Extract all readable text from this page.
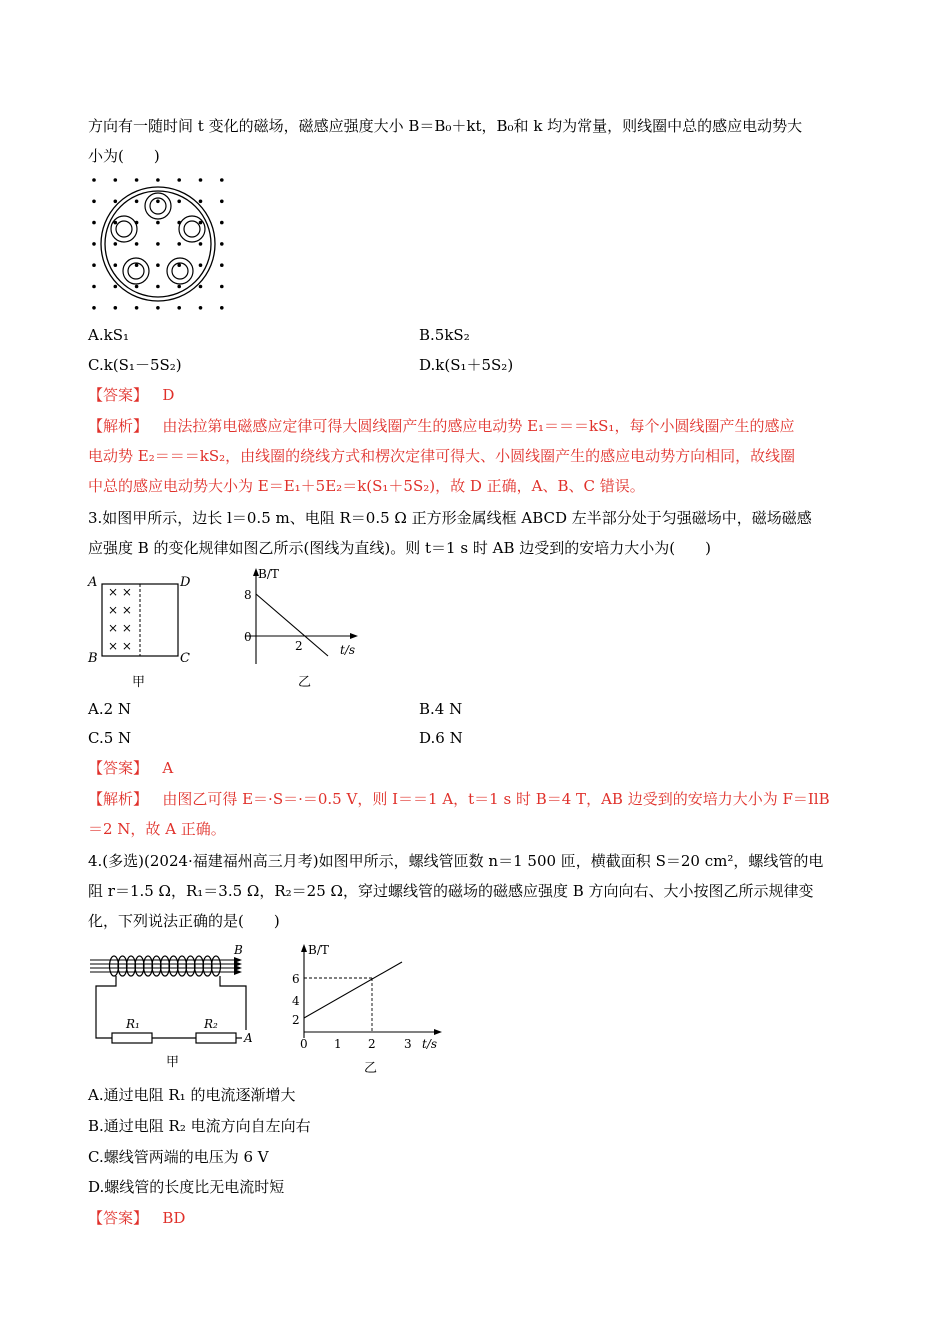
方向有一随时间 t 变化的磁场，磁感应强度大小 B＝B₀＋kt，B₀和 k 均为常量，则线圈中总的感应电动势大
小为(　　)
A.kS₁	B.5kS₂
C.k(S₁－5S₂)	D.k(S₁＋5S₂)
【答案】 D
【解析】 由法拉第电磁感应定律可得大圆线圈产生的感应电动势 E₁＝＝＝kS₁，每个小圆线圈产生的感应
电动势 E₂＝＝＝kS₂，由线圈的绕线方式和楞次定律可得大、小圆线圈产生的感应电动势方向相同，故线圈
中总的感应电动势大小为 E＝E₁＋5E₂＝k(S₁＋5S₂)，故 D 正确，A、B、C 错误。
3.如图甲所示，边长 l＝0.5 m、电阻 R＝0.5 Ω 正方形金属线框 ABCD 左半部分处于匀强磁场中，磁场磁感
应强度 B 的变化规律如图乙所示(图线为直线)。则 t＝1 s 时 AB 边受到的安培力大小为(　　)
× ×
× ×
× ×
× ×
A	D
B	C
甲
B/T
8
0
2	t/s
乙
A.2 N	B.4 N
C.5 N	D.6 N
【答案】 A
【解析】 由图乙可得 E＝·S＝·＝0.5 V，则 I＝＝1 A，t＝1 s 时 B＝4 T，AB 边受到的安培力大小为 F＝IlB
＝2 N，故 A 正确。
4.(多选)(2024·福建福州高三月考)如图甲所示，螺线管匝数 n＝1 500 匝，横截面积 S＝20 cm²，螺线管的电
阻 r＝1.5 Ω，R₁＝3.5 Ω，R₂＝25 Ω，穿过螺线管的磁场的磁感应强度 B 方向向右、大小按图乙所示规律变
化，下列说法正确的是(　　)
B
R₁	R₂
A
甲
B/T
6
4
2
0 1 2 3 t/s
乙
A.通过电阻 R₁ 的电流逐渐增大
B.通过电阻 R₂ 电流方向自左向右
C.螺线管两端的电压为 6 V
D.螺线管的长度比无电流时短
【答案】 BD
